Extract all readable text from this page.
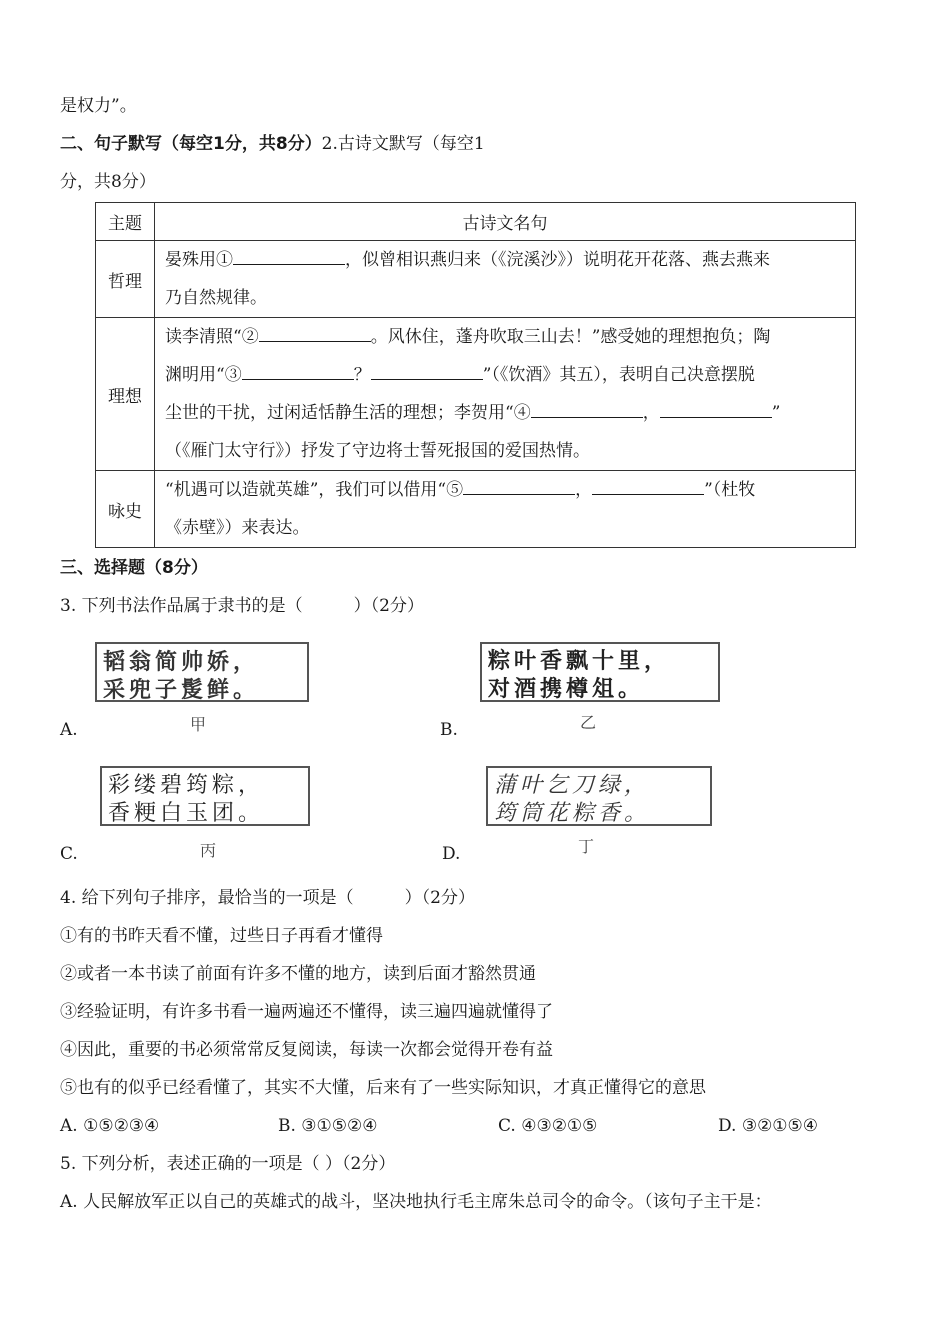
是权力”。
二、句子默写（每空1分，共8分）2.古诗文默写（每空1
分，共8分）
主题	古诗文名句
哲理	晏殊用① ，似曾相识燕归来（《浣溪沙》）说明花开花落、燕去燕来
乃自然规律。

理想	读李清照“② 。风休住，蓬舟吹取三山去！”感受她的理想抱负；陶
渊明用“③ ？ ”（《饮酒》其五），表明自己决意摆脱
尘世的干扰，过闲适恬静生活的理想；李贺用“④ ， ”
（《雁门太守行》）抒发了守边将士誓死报国的爱国热情。

咏史	“机遇可以造就英雄”，我们可以借用“⑤ ， ”（杜牧
《赤壁》）来表达。
三、选择题（8分）
3. 下列书法作品属于隶书的是（　　　）（2分）
韬翁简帅娇，
采兜子髲鲜。
甲
A.
粽叶香飘十里，
对酒携樽俎。
乙
B.
彩缕碧筠粽，
香粳白玉团。
丙
C.
蒲叶乞刀绿，
筠筒花粽香。
丁
D.
4. 给下列句子排序，最恰当的一项是（　　　）（2分）
①有的书昨天看不懂，过些日子再看才懂得
②或者一本书读了前面有许多不懂的地方，读到后面才豁然贯通
③经验证明，有许多书看一遍两遍还不懂得，读三遍四遍就懂得了
④因此，重要的书必须常常反复阅读，每读一次都会觉得开卷有益
⑤也有的似乎已经看懂了，其实不大懂，后来有了一些实际知识，才真正懂得它的意思
A. ①⑤②③④	B. ③①⑤②④	C. ④③②①⑤	D. ③②①⑤④
5. 下列分析，表述正确的一项是（ ）（2分）
A. 人民解放军正以自己的英雄式的战斗，坚决地执行毛主席朱总司令的命令。（该句子主干是：
